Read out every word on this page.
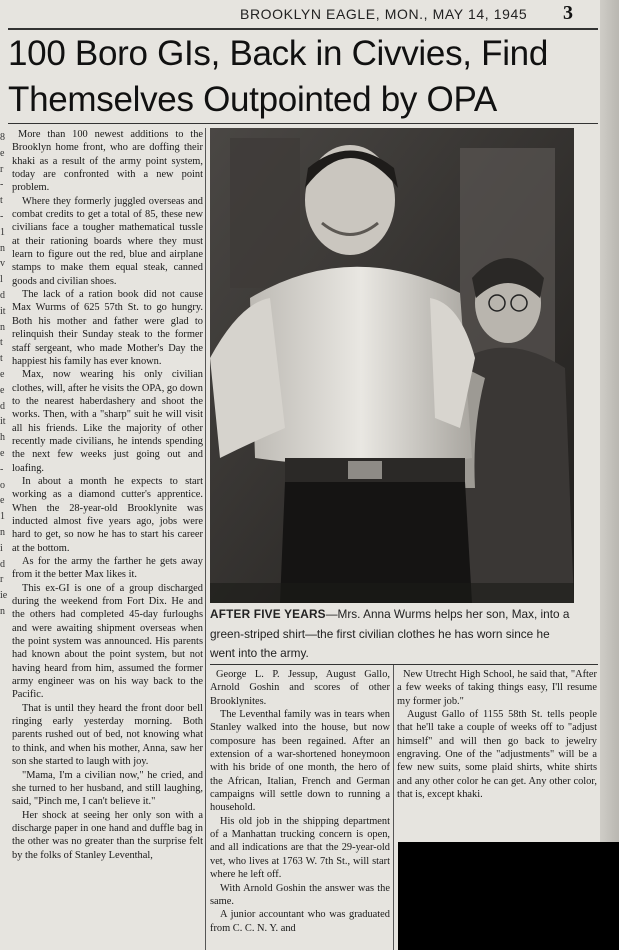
BROOKLYN EAGLE, MON., MAY 14, 1945 3
100 Boro GIs, Back in Civvies, Find
Themselves Outpointed by OPA
8
e
r
-
t
-
1
n
v
l
d
it
n
t
t
e
e
d
it
h
e
-
o
e
1
n
i
d
r
ie
n

More than 100 newest additions to the Brooklyn home front, who are doffing their khaki as a result of the army point system, today are confronted with a new point problem.

Where they formerly juggled overseas and combat credits to get a total of 85, these new civilians face a tougher mathematical tussle at their rationing boards where they must learn to figure out the red, blue and airplane stamps to make them equal steak, canned goods and civilian shoes.

The lack of a ration book did not cause Max Wurms of 625 57th St. to go hungry. Both his mother and father were glad to relinquish their Sunday steak to the former staff sergeant, who made Mother's Day the happiest his family has ever known.

Max, now wearing his only civilian clothes, will, after he visits the OPA, go down to the nearest haberdashery and shoot the works. Then, with a "sharp" suit he will visit all his friends. Like the majority of other recently made civilians, he intends spending the next few weeks just going out and loafing.

In about a month he expects to start working as a diamond cutter's apprentice. When the 28-year-old Brooklynite was inducted almost five years ago, jobs were hard to get, so now he has to start his career at the bottom.

As for the army the farther he gets away from it the better Max likes it.

This ex-GI is one of a group discharged during the weekend from Fort Dix. He and the others had completed 45-day furloughs and were awaiting shipment overseas when the point system was announced. His parents had known about the point system, but not having heard from him, assumed the former army engineer was on his way back to the Pacific.

That is until they heard the front door bell ringing early yesterday morning. Both parents rushed out of bed, not knowing what to think, and when his mother, Anna, saw her son she started to laugh with joy.

"Mama, I'm a civilian now," he cried, and she turned to her husband, and still laughing, said, "Pinch me, I can't believe it."

Her shock at seeing her only son with a discharge paper in one hand and duffle bag in the other was no greater than the surprise felt by the folks of Stanley Leventhal,

AFTER FIVE YEARS—Mrs. Anna Wurms helps her son, Max, into a green-striped shirt—the first civilian clothes he has worn since he went into the army.

George L. P. Jessup, August Gallo, Arnold Goshin and scores of other Brooklynites.

The Leventhal family was in tears when Stanley walked into the house, but now composure has been regained. After an extension of a war-shortened honeymoon with his bride of one month, the hero of the African, Italian, French and German campaigns will settle down to running a household.

His old job in the shipping department of a Manhattan trucking concern is open, and all indications are that the 29-year-old vet, who lives at 1763 W. 7th St., will start where he left off.

With Arnold Goshin the answer was the same.

A junior accountant who was graduated from C. C. N. Y. and

New Utrecht High School, he said that, "After a few weeks of taking things easy, I'll resume my former job."

August Gallo of 1155 58th St. tells people that he'll take a couple of weeks off to "adjust himself" and will then go back to jewelry engraving. One of the "adjustments" will be a few new suits, some plaid shirts, white shirts and any other color he can get. Any other color, that is, except khaki.
